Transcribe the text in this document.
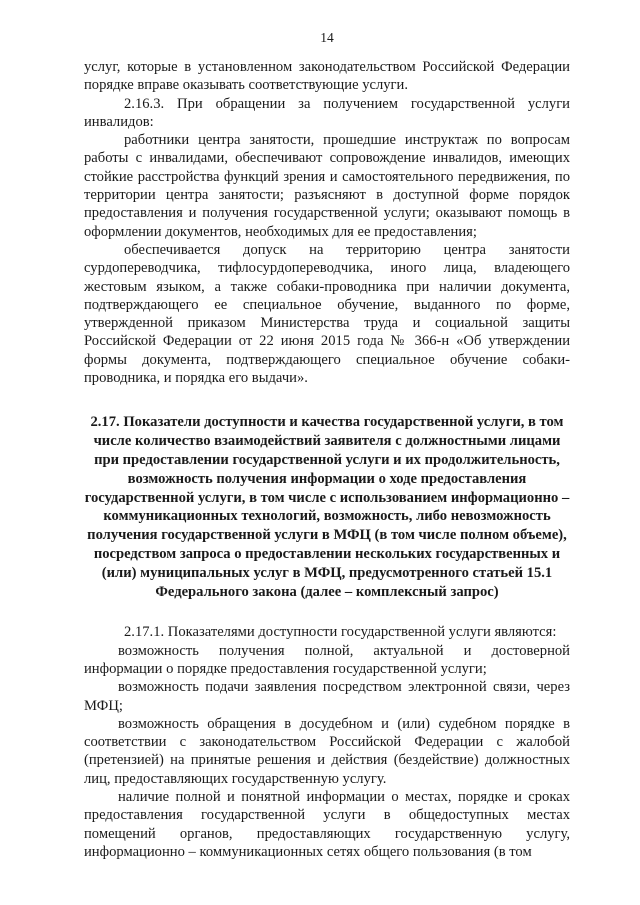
14

услуг, которые в установленном законодательством Российской Федерации порядке вправе оказывать соответствующие услуги.

2.16.3. При обращении за получением государственной услуги инвалидов:

работники центра занятости, прошедшие инструктаж по вопросам работы с инвалидами, обеспечивают сопровождение инвалидов, имеющих стойкие расстройства функций зрения и самостоятельного передвижения, по территории центра занятости; разъясняют в доступной форме порядок предоставления и получения государственной услуги; оказывают помощь в оформлении документов, необходимых для ее предоставления;

обеспечивается допуск на территорию центра занятости сурдопереводчика, тифлосурдопереводчика, иного лица, владеющего жестовым языком, а также собаки-проводника при наличии документа, подтверждающего ее специальное обучение, выданного по форме, утвержденной приказом Министерства труда и социальной защиты Российской Федерации от 22 июня 2015 года № 366-н «Об утверждении формы документа, подтверждающего специальное обучение собаки-проводника, и порядка его выдачи».

2.17. Показатели доступности и качества государственной услуги, в том числе количество взаимодействий заявителя с должностными лицами при предоставлении государственной услуги и их продолжительность, возможность получения информации о ходе предоставления государственной услуги, в том числе с использованием информационно – коммуникационных технологий, возможность, либо невозможность получения государственной услуги в МФЦ (в том числе полном объеме), посредством запроса о предоставлении нескольких государственных и (или) муниципальных услуг в МФЦ, предусмотренного статьей 15.1 Федерального закона (далее – комплексный запрос)

2.17.1. Показателями доступности государственной услуги являются:

возможность получения полной, актуальной и достоверной информации о порядке предоставления государственной услуги;

возможность подачи заявления посредством электронной связи, через МФЦ;

возможность обращения в досудебном и (или) судебном порядке в соответствии с законодательством Российской Федерации с жалобой (претензией) на принятые решения и действия (бездействие) должностных лиц, предоставляющих государственную услугу.

наличие полной и понятной информации о местах, порядке и сроках предоставления государственной услуги в общедоступных местах помещений органов, предоставляющих государственную услугу, информационно – коммуникационных сетях общего пользования (в том
